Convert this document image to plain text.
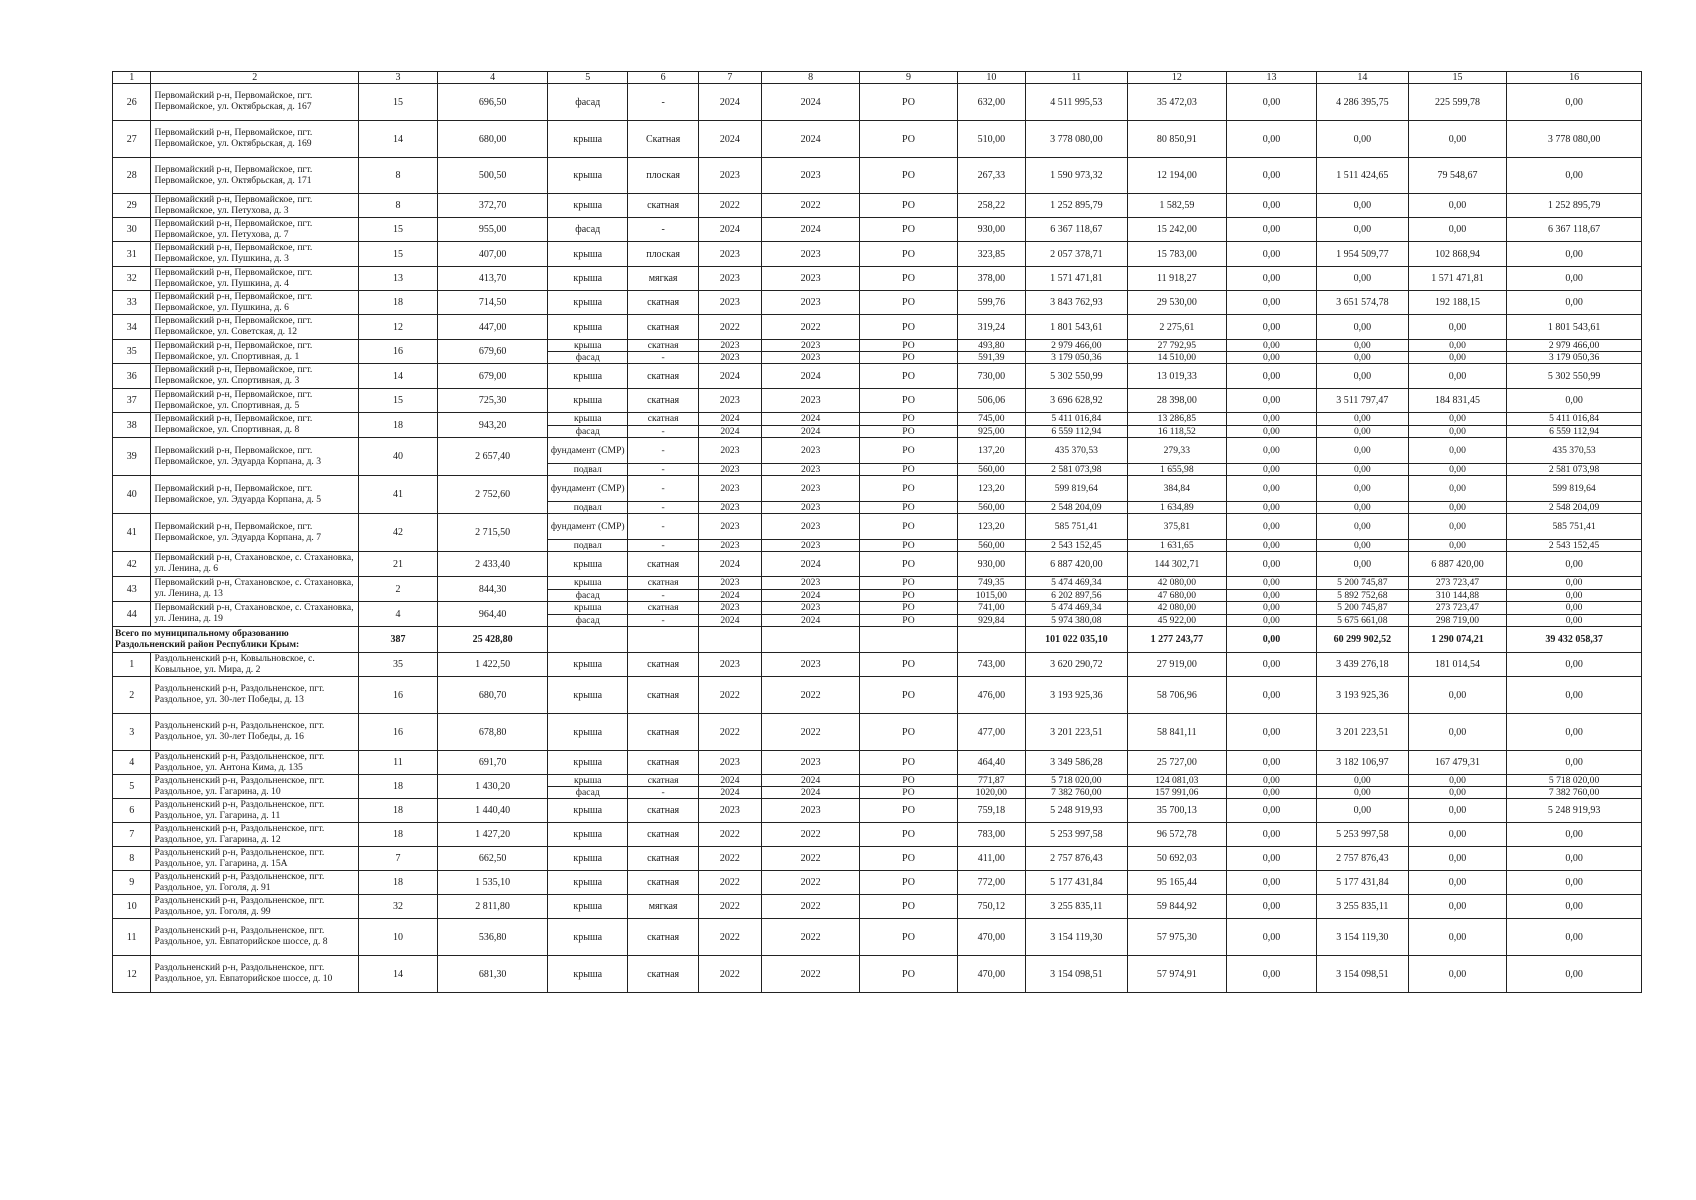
1	2	3	4	5	6	7	8	9	10	11	12	13	14	15	16
26	Первомайский р-н, Первомайское, пгт. Первомайское, ул. Октябрьская, д. 167	15	696,50	фасад	-	2024	2024	РО	632,00	4 511 995,53	35 472,03	0,00	4 286 395,75	225 599,78	0,00
27	Первомайский р-н, Первомайское, пгт. Первомайское, ул. Октябрьская, д. 169	14	680,00	крыша	Скатная	2024	2024	РО	510,00	3 778 080,00	80 850,91	0,00	0,00	0,00	3 778 080,00
28	Первомайский р-н, Первомайское, пгт. Первомайское, ул. Октябрьская, д. 171	8	500,50	крыша	плоская	2023	2023	РО	267,33	1 590 973,32	12 194,00	0,00	1 511 424,65	79 548,67	0,00
29	Первомайский р-н, Первомайское, пгт. Первомайское, ул. Петухова, д. 3	8	372,70	крыша	скатная	2022	2022	РО	258,22	1 252 895,79	1 582,59	0,00	0,00	0,00	1 252 895,79
30	Первомайский р-н, Первомайское, пгт. Первомайское, ул. Петухова, д. 7	15	955,00	фасад	-	2024	2024	РО	930,00	6 367 118,67	15 242,00	0,00	0,00	0,00	6 367 118,67
31	Первомайский р-н, Первомайское, пгт. Первомайское, ул. Пушкина, д. 3	15	407,00	крыша	плоская	2023	2023	РО	323,85	2 057 378,71	15 783,00	0,00	1 954 509,77	102 868,94	0,00
32	Первомайский р-н, Первомайское, пгт. Первомайское, ул. Пушкина, д. 4	13	413,70	крыша	мягкая	2023	2023	РО	378,00	1 571 471,81	11 918,27	0,00	0,00	1 571 471,81	0,00
33	Первомайский р-н, Первомайское, пгт. Первомайское, ул. Пушкина, д. 6	18	714,50	крыша	скатная	2023	2023	РО	599,76	3 843 762,93	29 530,00	0,00	3 651 574,78	192 188,15	0,00
34	Первомайский р-н, Первомайское, пгт. Первомайское, ул. Советская, д. 12	12	447,00	крыша	скатная	2022	2022	РО	319,24	1 801 543,61	2 275,61	0,00	0,00	0,00	1 801 543,61
35	Первомайский р-н, Первомайское, пгт. Первомайское, ул. Спортивная, д. 1	16	679,60	крыша	скатная	2023	2023	РО	493,80	2 979 466,00	27 792,95	0,00	0,00	0,00	2 979 466,00
				фасад	-	2023	2023	РО	591,39	3 179 050,36	14 510,00	0,00	0,00	0,00	3 179 050,36
36	Первомайский р-н, Первомайское, пгт. Первомайское, ул. Спортивная, д. 3	14	679,00	крыша	скатная	2024	2024	РО	730,00	5 302 550,99	13 019,33	0,00	0,00	0,00	5 302 550,99
37	Первомайский р-н, Первомайское, пгт. Первомайское, ул. Спортивная, д. 5	15	725,30	крыша	скатная	2023	2023	РО	506,06	3 696 628,92	28 398,00	0,00	3 511 797,47	184 831,45	0,00
38	Первомайский р-н, Первомайское, пгт. Первомайское, ул. Спортивная, д. 8	18	943,20	крыша	скатная	2024	2024	РО	745,00	5 411 016,84	13 286,85	0,00	0,00	0,00	5 411 016,84
				фасад	-	2024	2024	РО	925,00	6 559 112,94	16 118,52	0,00	0,00	0,00	6 559 112,94
39	Первомайский р-н, Первомайское, пгт. Первомайское, ул. Эдуарда Корпана, д. 3	40	2 657,40	фундамент (СМР)	-	2023	2023	РО	137,20	435 370,53	279,33	0,00	0,00	0,00	435 370,53
				подвал	-	2023	2023	РО	560,00	2 581 073,98	1 655,98	0,00	0,00	0,00	2 581 073,98
40	Первомайский р-н, Первомайское, пгт. Первомайское, ул. Эдуарда Корпана, д. 5	41	2 752,60	фундамент (СМР)	-	2023	2023	РО	123,20	599 819,64	384,84	0,00	0,00	0,00	599 819,64
				подвал	-	2023	2023	РО	560,00	2 548 204,09	1 634,89	0,00	0,00	0,00	2 548 204,09
41	Первомайский р-н, Первомайское, пгт. Первомайское, ул. Эдуарда Корпана, д. 7	42	2 715,50	фундамент (СМР)	-	2023	2023	РО	123,20	585 751,41	375,81	0,00	0,00	0,00	585 751,41
				подвал	-	2023	2023	РО	560,00	2 543 152,45	1 631,65	0,00	0,00	0,00	2 543 152,45
42	Первомайский р-н, Стахановское, с. Стахановка, ул. Ленина, д. 6	21	2 433,40	крыша	скатная	2024	2024	РО	930,00	6 887 420,00	144 302,71	0,00	0,00	6 887 420,00	0,00
43	Первомайский р-н, Стахановское, с. Стахановка, ул. Ленина, д. 13	2	844,30	крыша	скатная	2023	2023	РО	749,35	5 474 469,34	42 080,00	0,00	5 200 745,87	273 723,47	0,00
				фасад	-	2024	2024	РО	1015,00	6 202 897,56	47 680,00	0,00	5 892 752,68	310 144,88	0,00
44	Первомайский р-н, Стахановское, с. Стахановка, ул. Ленина, д. 19	4	964,40	крыша	скатная	2023	2023	РО	741,00	5 474 469,34	42 080,00	0,00	5 200 745,87	273 723,47	0,00
				фасад	-	2024	2024	РО	929,84	5 974 380,08	45 922,00	0,00	5 675 661,08	298 719,00	0,00
Всего по муниципальному образованию Раздольненский район Республики Крым:		387	25 428,80							101 022 035,10	1 277 243,77	0,00	60 299 902,52	1 290 074,21	39 432 058,37
1	Раздольненский р-н, Ковыльновское, с. Ковыльное, ул. Мира, д. 2	35	1 422,50	крыша	скатная	2023	2023	РО	743,00	3 620 290,72	27 919,00	0,00	3 439 276,18	181 014,54	0,00
2	Раздольненский р-н, Раздольненское, пгт. Раздольное, ул. 30-лет Победы, д. 13	16	680,70	крыша	скатная	2022	2022	РО	476,00	3 193 925,36	58 706,96	0,00	3 193 925,36	0,00	0,00
3	Раздольненский р-н, Раздольненское, пгт. Раздольное, ул. 30-лет Победы, д. 16	16	678,80	крыша	скатная	2022	2022	РО	477,00	3 201 223,51	58 841,11	0,00	3 201 223,51	0,00	0,00
4	Раздольненский р-н, Раздольненское, пгт. Раздольное, ул. Антона Кима, д. 135	11	691,70	крыша	скатная	2023	2023	РО	464,40	3 349 586,28	25 727,00	0,00	3 182 106,97	167 479,31	0,00
5	Раздольненский р-н, Раздольненское, пгт. Раздольное, ул. Гагарина, д. 10	18	1 430,20	крыша	скатная	2024	2024	РО	771,87	5 718 020,00	124 081,03	0,00	0,00	0,00	5 718 020,00
				фасад	-	2024	2024	РО	1020,00	7 382 760,00	157 991,06	0,00	0,00	0,00	7 382 760,00
6	Раздольненский р-н, Раздольненское, пгт. Раздольное, ул. Гагарина, д. 11	18	1 440,40	крыша	скатная	2023	2023	РО	759,18	5 248 919,93	35 700,13	0,00	0,00	0,00	5 248 919,93
7	Раздольненский р-н, Раздольненское, пгт. Раздольное, ул. Гагарина, д. 12	18	1 427,20	крыша	скатная	2022	2022	РО	783,00	5 253 997,58	96 572,78	0,00	5 253 997,58	0,00	0,00
8	Раздольненский р-н, Раздольненское, пгт. Раздольное, ул. Гагарина, д. 15А	7	662,50	крыша	скатная	2022	2022	РО	411,00	2 757 876,43	50 692,03	0,00	2 757 876,43	0,00	0,00
9	Раздольненский р-н, Раздольненское, пгт. Раздольное, ул. Гоголя, д. 91	18	1 535,10	крыша	скатная	2022	2022	РО	772,00	5 177 431,84	95 165,44	0,00	5 177 431,84	0,00	0,00
10	Раздольненский р-н, Раздольненское, пгт. Раздольное, ул. Гоголя, д. 99	32	2 811,80	крыша	мягкая	2022	2022	РО	750,12	3 255 835,11	59 844,92	0,00	3 255 835,11	0,00	0,00
11	Раздольненский р-н, Раздольненское, пгт. Раздольное, ул. Евпаторийское шоссе, д. 8	10	536,80	крыша	скатная	2022	2022	РО	470,00	3 154 119,30	57 975,30	0,00	3 154 119,30	0,00	0,00
12	Раздольненский р-н, Раздольненское, пгт. Раздольное, ул. Евпаторийское шоссе, д. 10	14	681,30	крыша	скатная	2022	2022	РО	470,00	3 154 098,51	57 974,91	0,00	3 154 098,51	0,00	0,00
